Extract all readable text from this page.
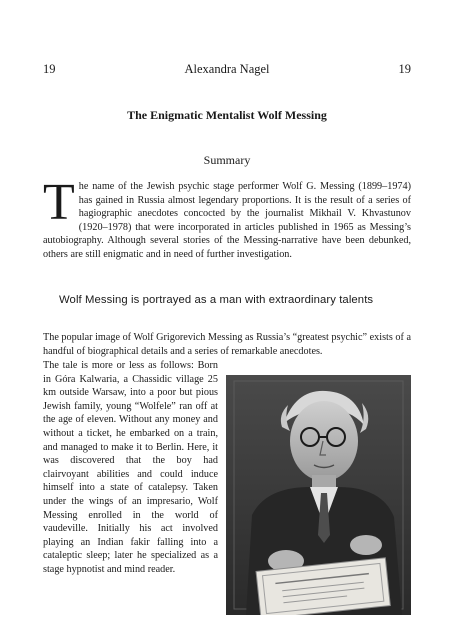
19	Alexandra Nagel	19
The Enigmatic Mentalist Wolf Messing
Summary
The name of the Jewish psychic stage performer Wolf G. Messing (1899–1974) has gained in Russia almost legendary proportions. It is the result of a series of hagiographic anecdotes concocted by the journalist Mikhail V. Khvastunov (1920–1978) that were incorporated in articles published in 1965 as Messing’s autobiography. Although several stories of the Messing-narrative have been debunked, others are still enigmatic and in need of further investigation.
Wolf Messing is portrayed as a man with extraordinary talents
The popular image of Wolf Grigorevich Messing as Russia’s “greatest psychic” exists of a handful of biographical details and a series of remarkable anecdotes.
The tale is more or less as follows: Born in Góra Kalwaria, a Chassidic village 25 km outside Warsaw, into a poor but pious Jewish family, young “Wolfele” ran off at the age of eleven. Without any money and without a ticket, he embarked on a train, and managed to make it to Berlin. Here, it was discovered that the boy had clairvoyant abilities and could induce himself into a state of catalepsy. Taken under the wings of an impresario, Wolf Messing enrolled in the world of vaudeville. Initially his act involved playing an Indian fakir falling into a cataleptic sleep; later he specialized as a stage hypnotist and mind reader.
